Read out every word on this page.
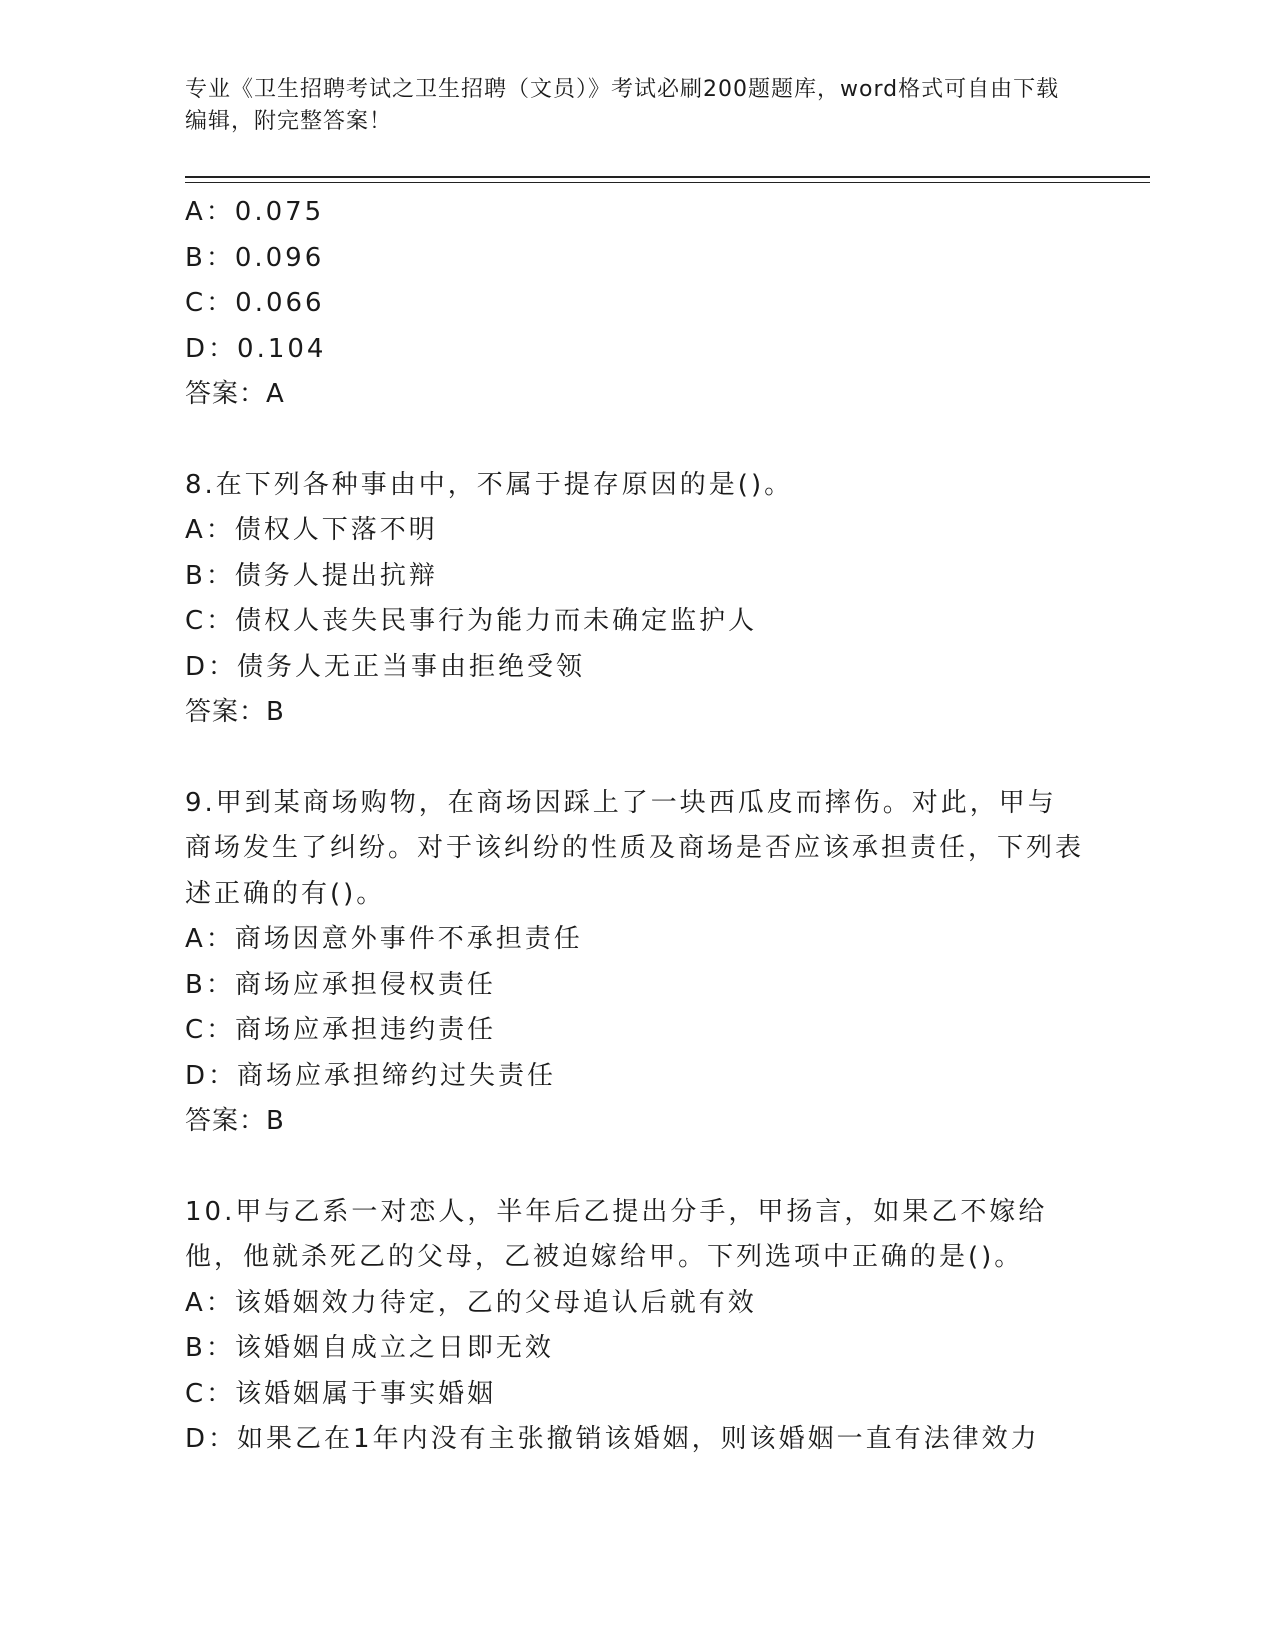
专业《卫生招聘考试之卫生招聘（文员）》考试必刷200题题库，word格式可自由下载编辑，附完整答案！
A：0.075
B：0.096
C：0.066
D：0.104
答案：A
8.在下列各种事由中，不属于提存原因的是()。
A：债权人下落不明
B：债务人提出抗辩
C：债权人丧失民事行为能力而未确定监护人
D：债务人无正当事由拒绝受领
答案：B
9.甲到某商场购物，在商场因踩上了一块西瓜皮而摔伤。对此，甲与商场发生了纠纷。对于该纠纷的性质及商场是否应该承担责任，下列表述正确的有()。
A：商场因意外事件不承担责任
B：商场应承担侵权责任
C：商场应承担违约责任
D：商场应承担缔约过失责任
答案：B
10.甲与乙系一对恋人，半年后乙提出分手，甲扬言，如果乙不嫁给他，他就杀死乙的父母，乙被迫嫁给甲。下列选项中正确的是()。
A：该婚姻效力待定，乙的父母追认后就有效
B：该婚姻自成立之日即无效
C：该婚姻属于事实婚姻
D：如果乙在1年内没有主张撤销该婚姻，则该婚姻一直有法律效力
